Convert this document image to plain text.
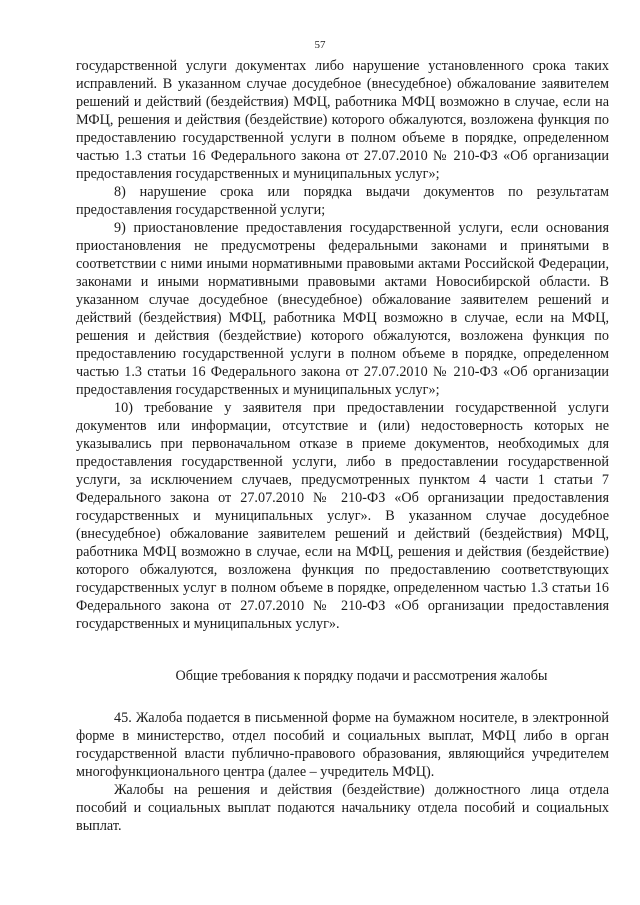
57

государственной услуги документах либо нарушение установленного срока таких исправлений. В указанном случае досудебное (внесудебное) обжалование заявителем решений и действий (бездействия) МФЦ, работника МФЦ возможно в случае, если на МФЦ, решения и действия (бездействие) которого обжалуются, возложена функция по предоставлению государственной услуги в полном объеме в порядке, определенном частью 1.3 статьи 16 Федерального закона от 27.07.2010 № 210-ФЗ «Об организации предоставления государственных и муниципальных услуг»;

8) нарушение срока или порядка выдачи документов по результатам предоставления государственной услуги;

9) приостановление предоставления государственной услуги, если основания приостановления не предусмотрены федеральными законами и принятыми в соответствии с ними иными нормативными правовыми актами Российской Федерации, законами и иными нормативными правовыми актами Новосибирской области. В указанном случае досудебное (внесудебное) обжалование заявителем решений и действий (бездействия) МФЦ, работника МФЦ возможно в случае, если на МФЦ, решения и действия (бездействие) которого обжалуются, возложена функция по предоставлению государственной услуги в полном объеме в порядке, определенном частью 1.3 статьи 16 Федерального закона от 27.07.2010 № 210-ФЗ «Об организации предоставления государственных и муниципальных услуг»;

10) требование у заявителя при предоставлении государственной услуги документов или информации, отсутствие и (или) недостоверность которых не указывались при первоначальном отказе в приеме документов, необходимых для предоставления государственной услуги, либо в предоставлении государственной услуги, за исключением случаев, предусмотренных пунктом 4 части 1 статьи 7 Федерального закона от 27.07.2010 № 210-ФЗ «Об организации предоставления государственных и муниципальных услуг». В указанном случае досудебное (внесудебное) обжалование заявителем решений и действий (бездействия) МФЦ, работника МФЦ возможно в случае, если на МФЦ, решения и действия (бездействие) которого обжалуются, возложена функция по предоставлению соответствующих государственных услуг в полном объеме в порядке, определенном частью 1.3 статьи 16 Федерального закона от 27.07.2010 № 210-ФЗ «Об организации предоставления государственных и муниципальных услуг».

Общие требования к порядку подачи и рассмотрения жалобы

45. Жалоба подается в письменной форме на бумажном носителе, в электронной форме в министерство, отдел пособий и социальных выплат, МФЦ либо в орган государственной власти публично-правового образования, являющийся учредителем многофункционального центра (далее – учредитель МФЦ).

Жалобы на решения и действия (бездействие) должностного лица отдела пособий и социальных выплат подаются начальнику отдела пособий и социальных выплат.
